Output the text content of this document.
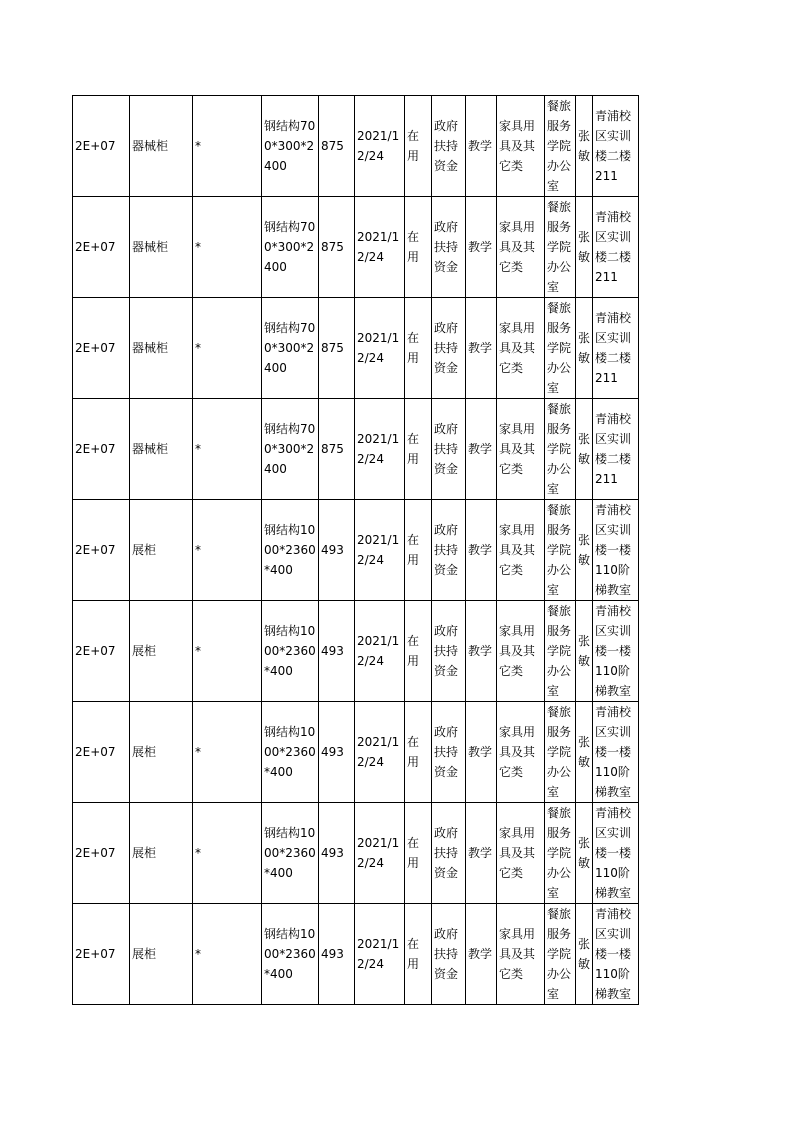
2E+07	器械柜	*	钢结构700*300*2400	875	2021/12/24	在用	政府扶持资金	教学	家具用具及其它类	餐旅服务学院办公室	张敏	青浦校区实训楼二楼211
2E+07	器械柜	*	钢结构700*300*2400	875	2021/12/24	在用	政府扶持资金	教学	家具用具及其它类	餐旅服务学院办公室	张敏	青浦校区实训楼二楼211
2E+07	器械柜	*	钢结构700*300*2400	875	2021/12/24	在用	政府扶持资金	教学	家具用具及其它类	餐旅服务学院办公室	张敏	青浦校区实训楼二楼211
2E+07	器械柜	*	钢结构700*300*2400	875	2021/12/24	在用	政府扶持资金	教学	家具用具及其它类	餐旅服务学院办公室	张敏	青浦校区实训楼二楼211
2E+07	展柜	*	钢结构1000*2360*400	493	2021/12/24	在用	政府扶持资金	教学	家具用具及其它类	餐旅服务学院办公室	张敏	青浦校区实训楼一楼110阶梯教室
2E+07	展柜	*	钢结构1000*2360*400	493	2021/12/24	在用	政府扶持资金	教学	家具用具及其它类	餐旅服务学院办公室	张敏	青浦校区实训楼一楼110阶梯教室
2E+07	展柜	*	钢结构1000*2360*400	493	2021/12/24	在用	政府扶持资金	教学	家具用具及其它类	餐旅服务学院办公室	张敏	青浦校区实训楼一楼110阶梯教室
2E+07	展柜	*	钢结构1000*2360*400	493	2021/12/24	在用	政府扶持资金	教学	家具用具及其它类	餐旅服务学院办公室	张敏	青浦校区实训楼一楼110阶梯教室
2E+07	展柜	*	钢结构1000*2360*400	493	2021/12/24	在用	政府扶持资金	教学	家具用具及其它类	餐旅服务学院办公室	张敏	青浦校区实训楼一楼110阶梯教室
